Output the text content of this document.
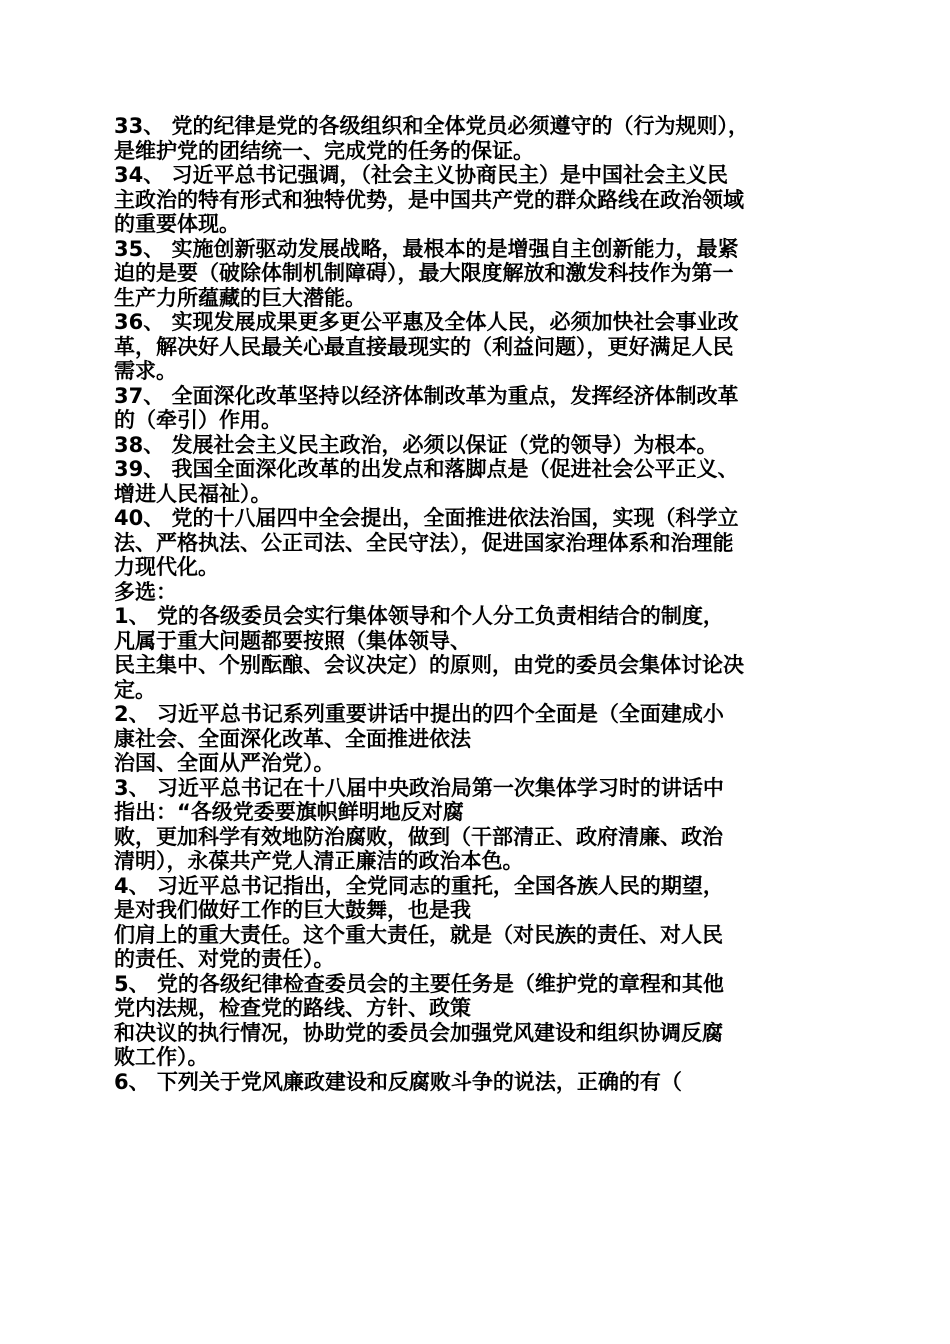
33、 党的纪律是党的各级组织和全体党员必须遵守的（行为规则），
是维护党的团结统一、完成党的任务的保证。
34、 习近平总书记强调，（社会主义协商民主）是中国社会主义民
主政治的特有形式和独特优势，是中国共产党的群众路线在政治领域
的重要体现。
35、 实施创新驱动发展战略，最根本的是增强自主创新能力，最紧
迫的是要（破除体制机制障碍），最大限度解放和激发科技作为第一
生产力所蕴藏的巨大潜能。
36、 实现发展成果更多更公平惠及全体人民，必须加快社会事业改
革，解决好人民最关心最直接最现实的（利益问题），更好满足人民
需求。
37、 全面深化改革坚持以经济体制改革为重点，发挥经济体制改革
的（牵引）作用。
38、 发展社会主义民主政治，必须以保证（党的领导）为根本。
39、 我国全面深化改革的出发点和落脚点是（促进社会公平正义、
增进人民福祉）。
40、 党的十八届四中全会提出，全面推进依法治国，实现（科学立
法、严格执法、公正司法、全民守法），促进国家治理体系和治理能
力现代化。
多选：
1、 党的各级委员会实行集体领导和个人分工负责相结合的制度，
凡属于重大问题都要按照（集体领导、
民主集中、个别酝酿、会议决定）的原则，由党的委员会集体讨论决
定。
2、 习近平总书记系列重要讲话中提出的四个全面是（全面建成小
康社会、全面深化改革、全面推进依法
治国、全面从严治党）。
3、 习近平总书记在十八届中央政治局第一次集体学习时的讲话中
指出：“各级党委要旗帜鲜明地反对腐
败，更加科学有效地防治腐败，做到（干部清正、政府清廉、政治
清明），永葆共产党人清正廉洁的政治本色。
4、 习近平总书记指出，全党同志的重托，全国各族人民的期望，
是对我们做好工作的巨大鼓舞，也是我
们肩上的重大责任。这个重大责任，就是（对民族的责任、对人民
的责任、对党的责任）。
5、 党的各级纪律检查委员会的主要任务是（维护党的章程和其他
党内法规，检查党的路线、方针、政策
和决议的执行情况，协助党的委员会加强党风建设和组织协调反腐
败工作）。
6、 下列关于党风廉政建设和反腐败斗争的说法，正确的有（
